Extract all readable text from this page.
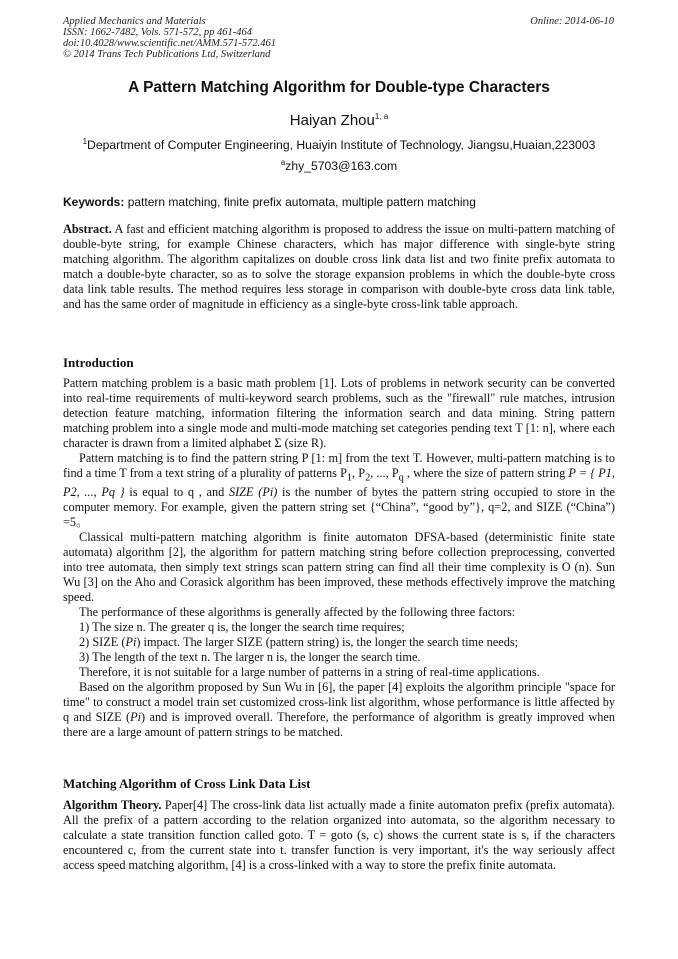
Applied Mechanics and Materials
ISSN: 1662-7482, Vols. 571-572, pp 461-464
doi:10.4028/www.scientific.net/AMM.571-572.461
© 2014 Trans Tech Publications Ltd, Switzerland
Online: 2014-06-10
A Pattern Matching Algorithm for Double-type Characters
Haiyan Zhou$^{1, a}$
$^1$Department of Computer Engineering, Huaiyin Institute of Technology, Jiangsu,Huaian,223003
$^a$zhy_5703@163.com
Keywords: pattern matching, finite prefix automata, multiple pattern matching

Abstract. A fast and efficient matching algorithm is proposed to address the issue on multi-pattern matching of double-byte string, for example Chinese characters, which has major difference with single-byte string matching algorithm. The algorithm capitalizes on double cross link data list and two finite prefix automata to match a double-byte character, so as to solve the storage expansion problems in which the double-byte cross data link table results. The method requires less storage in comparison with double-byte cross data link table, and has the same order of magnitude in efficiency as a single-byte cross-link table approach.

Introduction

Pattern matching problem is a basic math problem [1]. Lots of problems in network security can be converted into real-time requirements of multi-keyword search problems, such as the "firewall" rule matches, intrusion detection feature matching, information filtering the information search and data mining. String pattern matching problem into a single mode and multi-mode matching set categories pending text T [1: n], where each character is drawn from a limited alphabet Σ (size R).

Pattern matching is to find the pattern string P [1: m] from the text T. However, multi-pattern matching is to find a time T from a text string of a plurality of patterns $P_1$, $P_2$, ..., $P_q$ , where the size of pattern string P = { P1, P2, ..., Pq } is equal to q , and SIZE (Pi) is the number of bytes the pattern string occupied to store in the computer memory. For example, given the pattern string set {“China”, “good by”}, q=2, and SIZE (“China”) =5。

Classical multi-pattern matching algorithm is finite automaton DFSA-based (deterministic finite state automata) algorithm [2], the algorithm for pattern matching string before collection preprocessing, converted into tree automata, then simply text strings scan pattern string can find all their time complexity is O (n). Sun Wu [3] on the Aho and Corasick algorithm has been improved, these methods effectively improve the matching speed.

The performance of these algorithms is generally affected by the following three factors:

1) The size n. The greater q is, the longer the search time requires;

2) SIZE (Pi) impact. The larger SIZE (pattern string) is, the longer the search time needs;

3) The length of the text n. The larger n is, the longer the search time.

Therefore, it is not suitable for a large number of patterns in a string of real-time applications.

Based on the algorithm proposed by Sun Wu in [6], the paper [4] exploits the algorithm principle "space for time" to construct a model train set customized cross-link list algorithm, whose performance is little affected by q and SIZE (Pi) and is improved overall. Therefore, the performance of algorithm is greatly improved when there are a large amount of pattern strings to be matched.

Matching Algorithm of Cross Link Data List

Algorithm Theory. Paper[4] The cross-link data list actually made a finite automaton prefix (prefix automata). All the prefix of a pattern according to the relation organized into automata, so the algorithm necessary to calculate a state transition function called goto. T = goto (s, c) shows the current state is s, if the characters encountered c, from the current state into t. transfer function is very important, it's the way seriously affect access speed matching algorithm, [4] is a cross-linked with a way to store the prefix finite automata.
